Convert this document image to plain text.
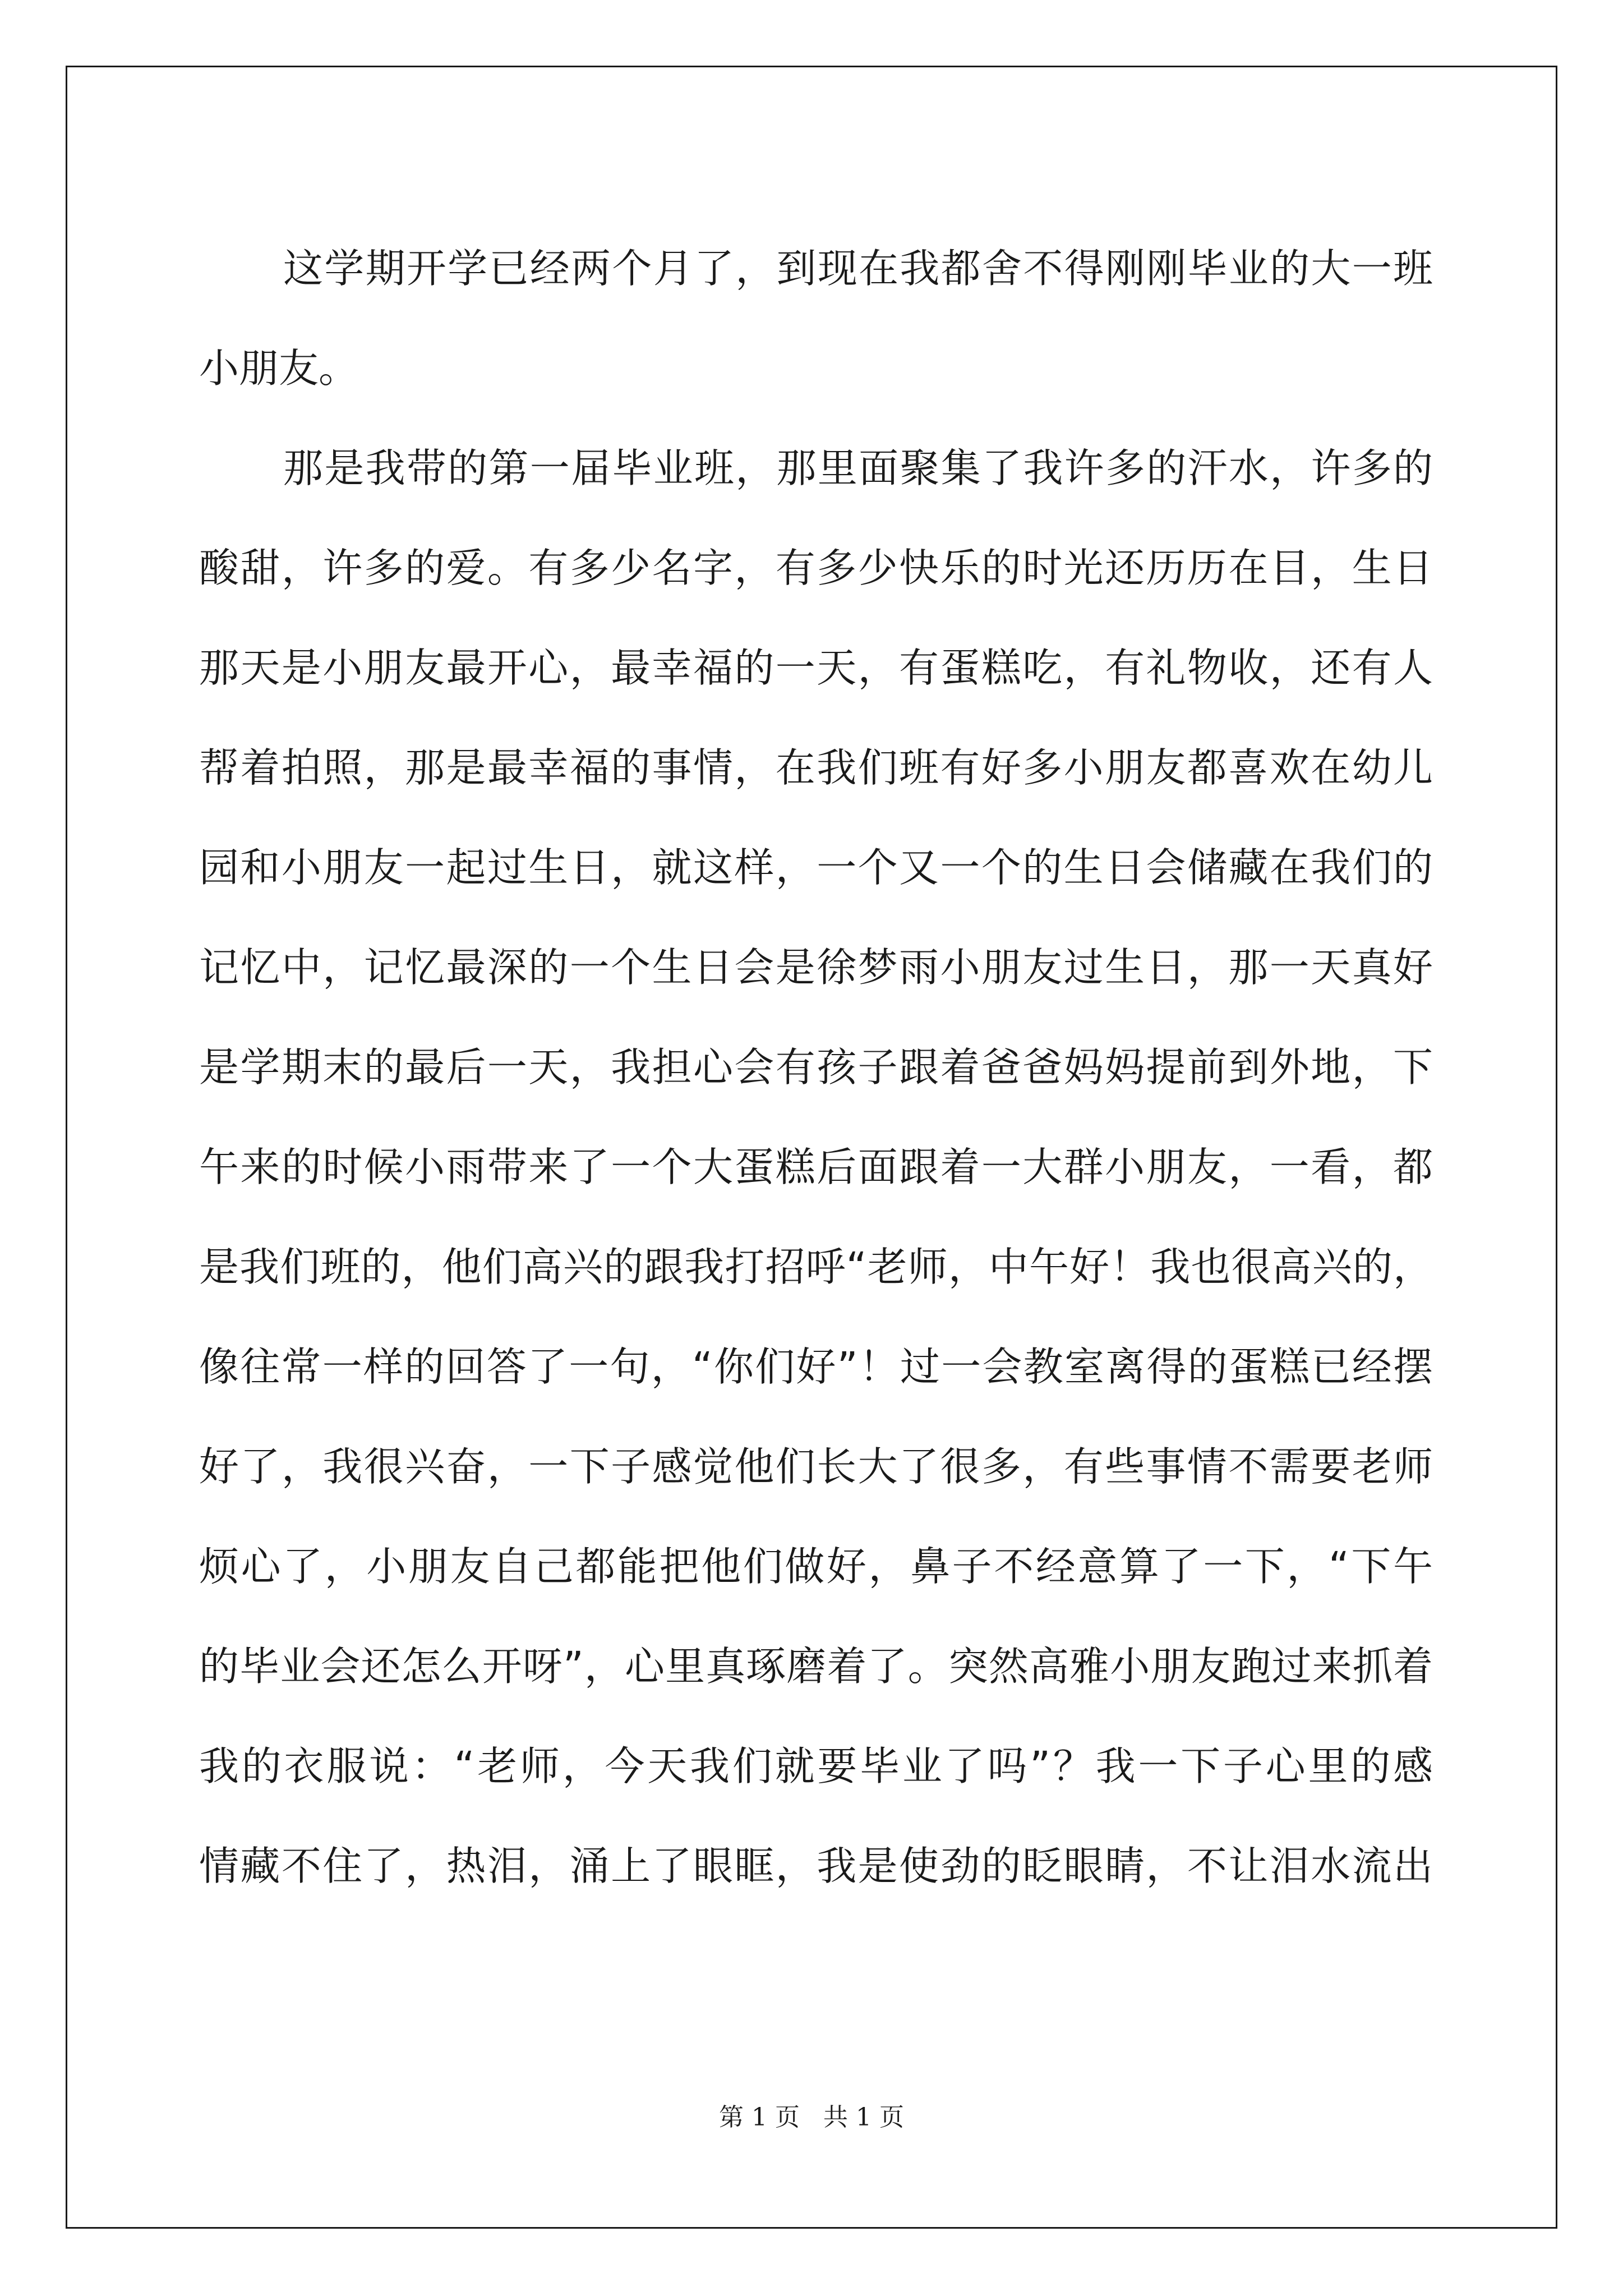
这学期开学已经两个月了，到现在我都舍不得刚刚毕业的大一班
小朋友。
那是我带的第一届毕业班，那里面聚集了我许多的汗水，许多的
酸甜，许多的爱。有多少名字，有多少快乐的时光还历历在目，生日
那天是小朋友最开心，最幸福的一天，有蛋糕吃，有礼物收，还有人
帮着拍照，那是最幸福的事情，在我们班有好多小朋友都喜欢在幼儿
园和小朋友一起过生日，就这样，一个又一个的生日会储藏在我们的
记忆中，记忆最深的一个生日会是徐梦雨小朋友过生日，那一天真好
是学期末的最后一天，我担心会有孩子跟着爸爸妈妈提前到外地，下
午来的时候小雨带来了一个大蛋糕后面跟着一大群小朋友，一看，都
是我们班的，他们高兴的跟我打招呼“老师，中午好！我也很高兴的，
像往常一样的回答了一句，“你们好”！过一会教室离得的蛋糕已经摆
好了，我很兴奋，一下子感觉他们长大了很多，有些事情不需要老师
烦心了，小朋友自己都能把他们做好，鼻子不经意算了一下，“下午
的毕业会还怎么开呀”，心里真琢磨着了。突然高雅小朋友跑过来抓着
我的衣服说：“老师，今天我们就要毕业了吗”？我一下子心里的感
情藏不住了，热泪，涌上了眼眶，我是使劲的眨眼睛，不让泪水流出
第 1 页 共 1 页
